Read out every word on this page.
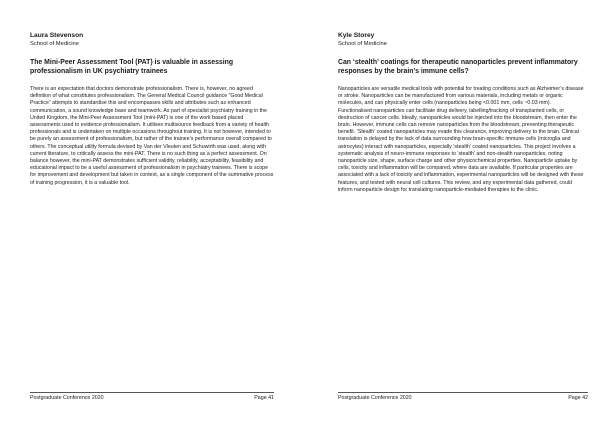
Laura Stevenson
School of Medicine
The Mini-Peer Assessment Tool (PAT) is valuable in assessing professionalism in UK psychiatry trainees
There is an expectation that doctors demonstrate professionalism. There is, however, no agreed definition of what constitutes professionalism. The General Medical Council guidance “Good Medical Practice” attempts to standardise this and encompasses skills and attributes such as enhanced communication, a sound knowledge base and teamwork. As part of specialist psychiatry training in the United Kingdom, the Mini-Peer Assessment Tool (mini-PAT) is one of the work based placed assessments used to evidence professionalism. It utilises multisource feedback from a variety of health professionals and is undertaken on multiple occasions throughout training. It is not however, intended to be purely an assessment of professionalism, but rather of the trainee’s performance overall compared to others. The conceptual utility formula devised by Van der Vleuten and Schuwirth was used, along with current literature, to critically assess the mini-PAT. There is no such thing as a perfect assessment. On balance however, the mini-PAT demonstrates sufficient validity, reliability, acceptability, feasibility and educational impact to be a useful assessment of professionalism in psychiatry trainees. There is scope for improvement and development but taken in context, as a single component of the summative process of training progression, it is a valuable tool.
Postgraduate Conference 2020	Page 41
Kyle Storey
School of Medicine
Can ‘stealth’ coatings for therapeutic nanoparticles prevent inflammatory responses by the brain’s immune cells?
Nanoparticles are versatile medical tools with potential for treating conditions such as Alzheimer’s disease or stroke. Nanoparticles can be manufactured from various materials, including metals or organic molecules, and can physically enter cells (nanoparticles being <0.001 mm, cells ~0.03 mm). Functionalised nanoparticles can facilitate drug delivery, labelling/tracking of transplanted cells, or destruction of cancer cells. Ideally, nanoparticles would be injected into the bloodstream, then enter the brain. However, immune cells can remove nanoparticles from the bloodstream, preventing therapeutic benefit. ‘Stealth’ coated nanoparticles may evade this clearance, improving delivery to the brain. Clinical translation is delayed by the lack of data surrounding how brain-specific immune cells (microglia and astrocytes) interact with nanoparticles, especially ‘stealth’ coated nanoparticles. This project involves a systematic analysis of neuro-immune responses to ‘stealth’ and non-stealth nanoparticles, noting nanoparticle size, shape, surface charge and other physicochemical properties. Nanoparticle uptake by cells, toxicity and inflammation will be compared, where data are available. If particular properties are associated with a lack of toxicity and inflammation, experimental nanoparticles will be designed with these features, and tested with neural cell cultures. This review, and any experimental data gathered, could inform nanoparticle design for translating nanoparticle-mediated therapies to the clinic.
Postgraduate Conference 2020	Page 42
